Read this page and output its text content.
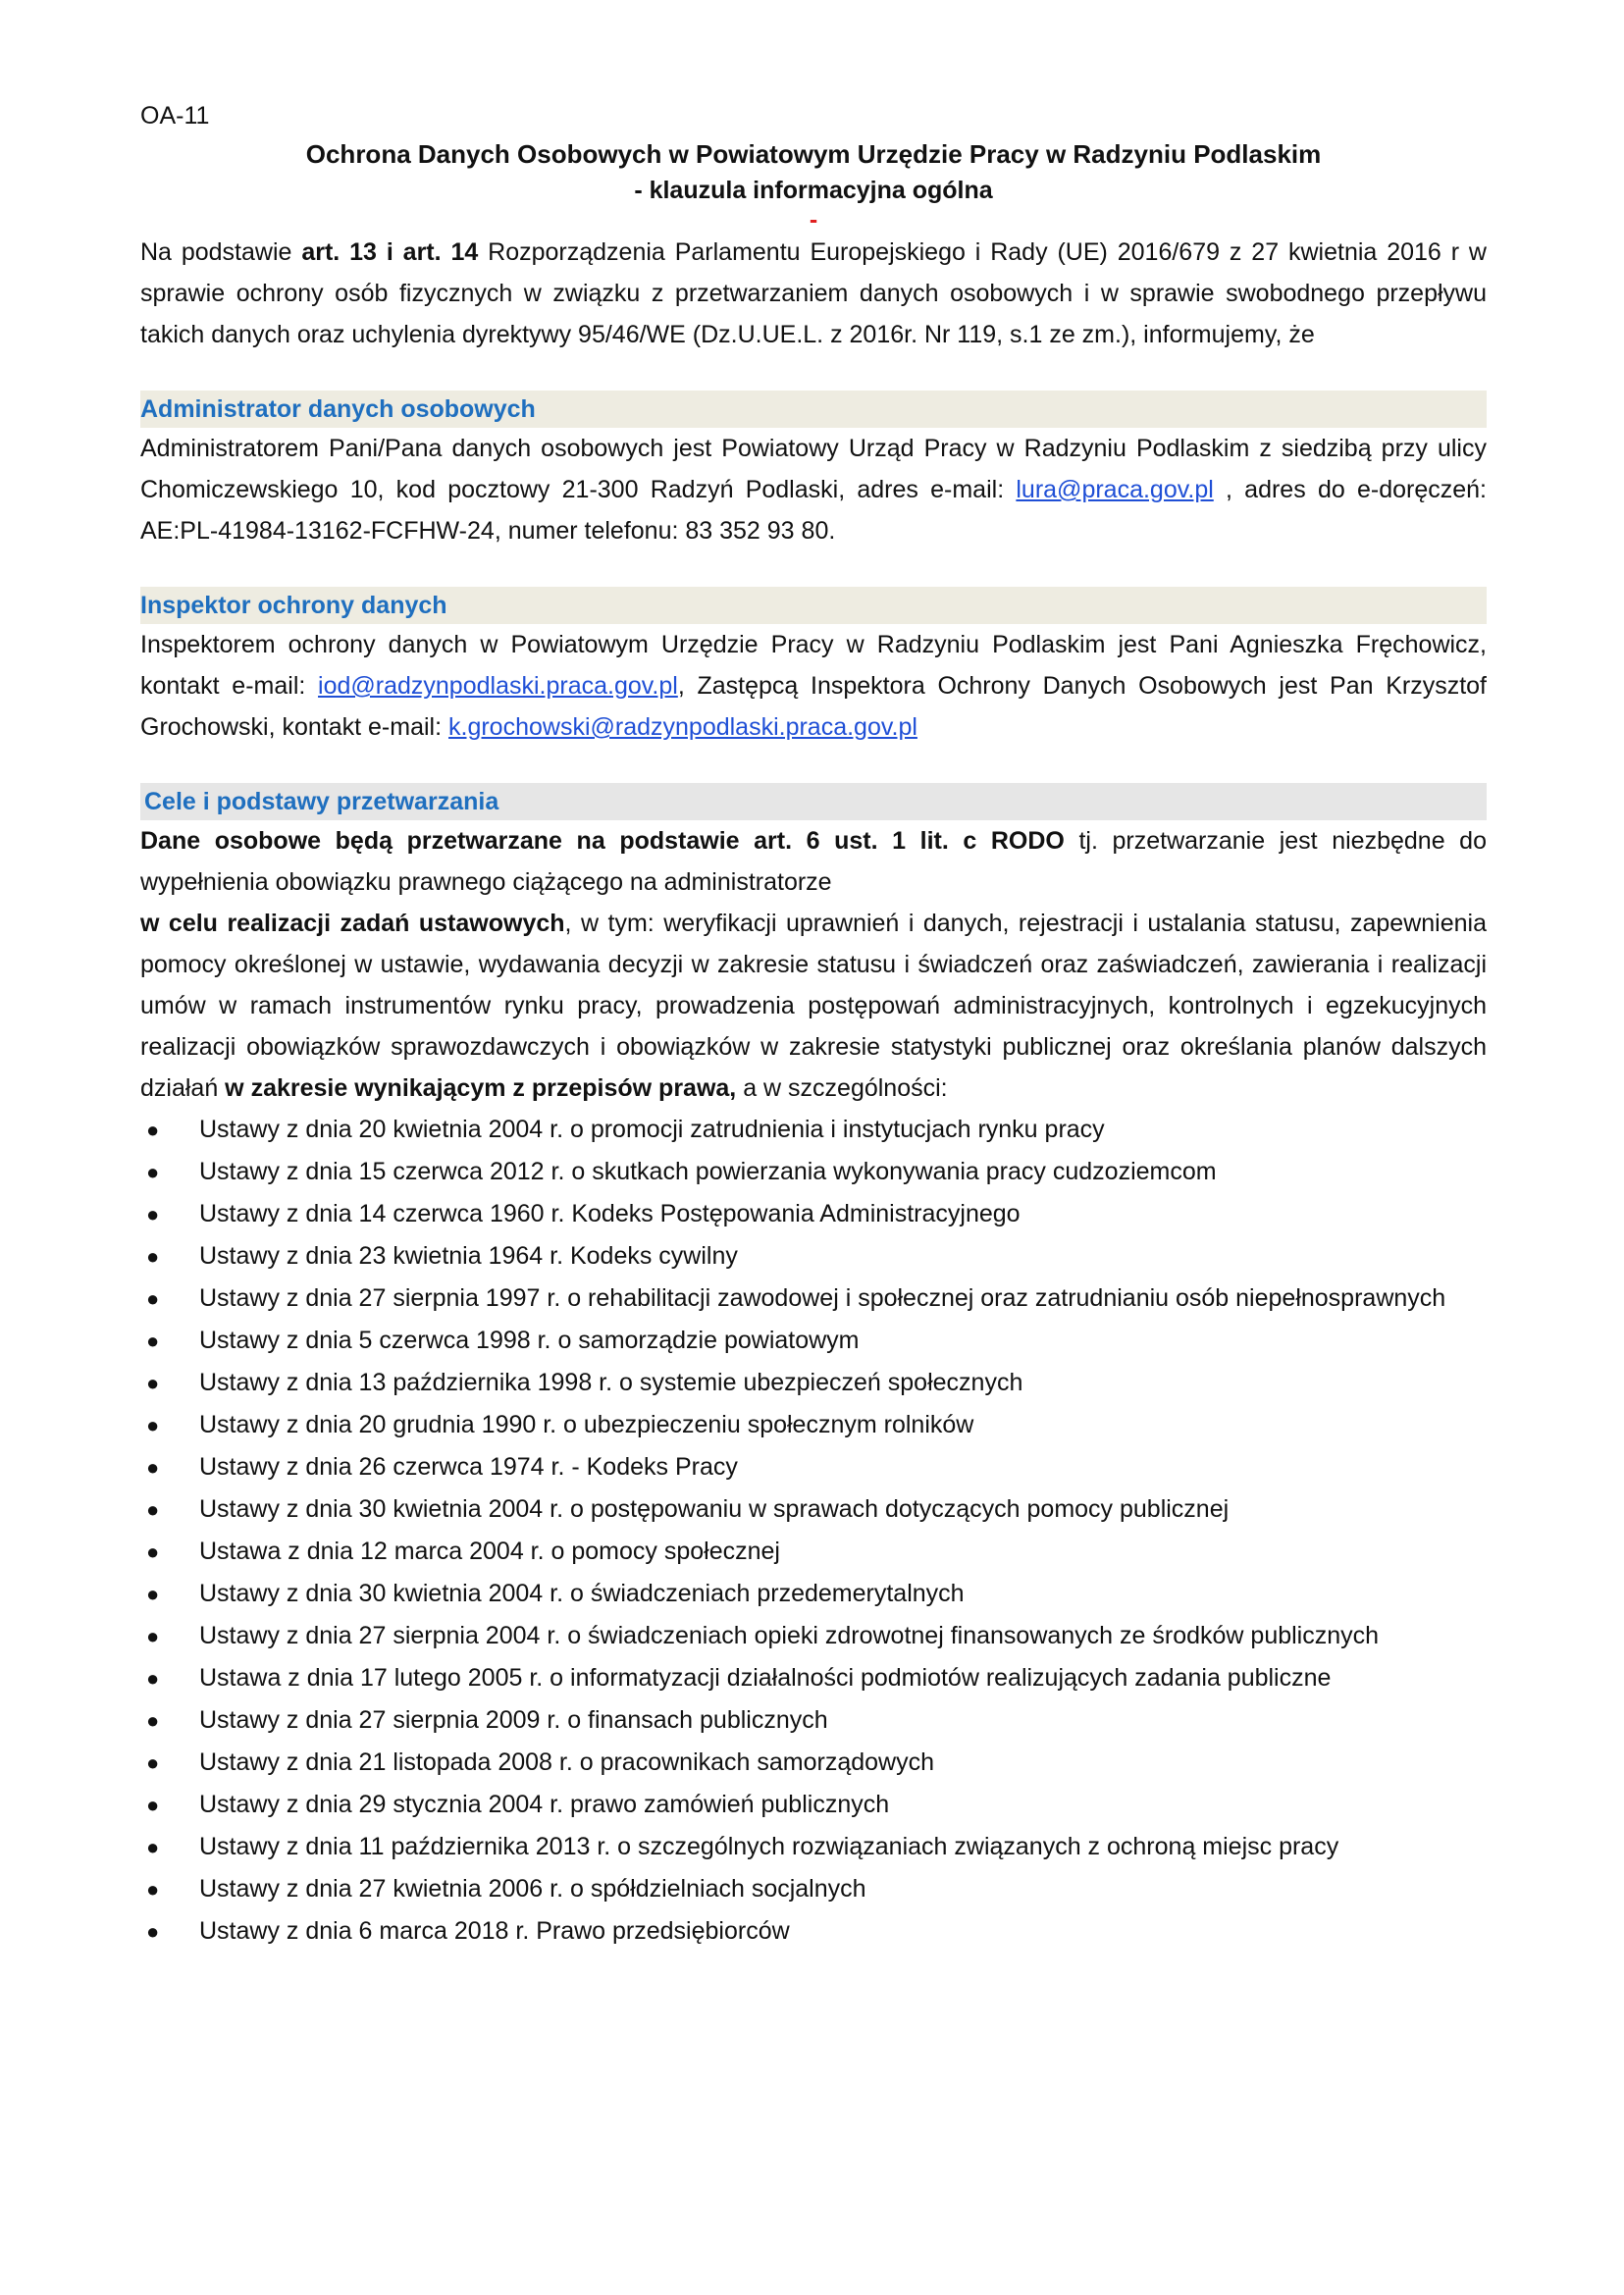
OA-11
Ochrona Danych Osobowych w Powiatowym Urzędzie Pracy w Radzyniu Podlaskim
- klauzula informacyjna ogólna
-

Na podstawie art. 13 i art. 14 Rozporządzenia Parlamentu Europejskiego i Rady (UE) 2016/679 z 27 kwietnia 2016 r w sprawie ochrony osób fizycznych w związku z przetwarzaniem danych osobowych i w sprawie swobodnego przepływu takich danych oraz uchylenia dyrektywy 95/46/WE (Dz.U.UE.L. z 2016r. Nr 119, s.1 ze zm.), informujemy, że

Administrator danych osobowych

Administratorem Pani/Pana danych osobowych jest Powiatowy Urząd Pracy w Radzyniu Podlaskim z siedzibą przy ulicy Chomiczewskiego 10, kod pocztowy 21-300 Radzyń Podlaski, adres e-mail: lura@praca.gov.pl , adres do e-doręczeń: AE:PL-41984-13162-FCFHW-24, numer telefonu: 83 352 93 80.

Inspektor ochrony danych

Inspektorem ochrony danych w Powiatowym Urzędzie Pracy w Radzyniu Podlaskim jest Pani Agnieszka Fręchowicz, kontakt e-mail: iod@radzynpodlaski.praca.gov.pl, Zastępcą Inspektora Ochrony Danych Osobowych jest Pan Krzysztof Grochowski, kontakt e-mail: k.grochowski@radzynpodlaski.praca.gov.pl

Cele i podstawy przetwarzania

Dane osobowe będą przetwarzane na podstawie art. 6 ust. 1 lit. c RODO tj. przetwarzanie jest niezbędne do wypełnienia obowiązku prawnego ciążącego na administratorze

w celu realizacji zadań ustawowych, w tym: weryfikacji uprawnień i danych, rejestracji i ustalania statusu, zapewnienia pomocy określonej w ustawie, wydawania decyzji w zakresie statusu i świadczeń oraz zaświadczeń, zawierania i realizacji umów w ramach instrumentów rynku pracy, prowadzenia postępowań administracyjnych, kontrolnych i egzekucyjnych realizacji obowiązków sprawozdawczych i obowiązków w zakresie statystyki publicznej oraz określania planów dalszych działań w zakresie wynikającym z przepisów prawa, a w szczególności:

● Ustawy z dnia 20 kwietnia 2004 r. o promocji zatrudnienia i instytucjach rynku pracy
● Ustawy z dnia 15 czerwca 2012 r. o skutkach powierzania wykonywania pracy cudzoziemcom
● Ustawy z dnia 14 czerwca 1960 r. Kodeks Postępowania Administracyjnego
● Ustawy z dnia 23 kwietnia 1964 r. Kodeks cywilny
● Ustawy z dnia 27 sierpnia 1997 r. o rehabilitacji zawodowej i społecznej oraz zatrudnianiu osób niepełnosprawnych
● Ustawy z dnia 5 czerwca 1998 r. o samorządzie powiatowym
● Ustawy z dnia 13 października 1998 r. o systemie ubezpieczeń społecznych
● Ustawy z dnia 20 grudnia 1990 r. o ubezpieczeniu społecznym rolników
● Ustawy z dnia 26 czerwca 1974 r. - Kodeks Pracy
● Ustawy z dnia 30 kwietnia 2004 r. o postępowaniu w sprawach dotyczących pomocy publicznej
● Ustawa z dnia 12 marca 2004 r. o pomocy społecznej
● Ustawy z dnia 30 kwietnia 2004 r. o świadczeniach przedemerytalnych
● Ustawy z dnia 27 sierpnia 2004 r. o świadczeniach opieki zdrowotnej finansowanych ze środków publicznych
● Ustawa z dnia 17 lutego 2005 r. o informatyzacji działalności podmiotów realizujących zadania publiczne
● Ustawy z dnia 27 sierpnia 2009 r. o finansach publicznych
● Ustawy z dnia 21 listopada 2008 r. o pracownikach samorządowych
● Ustawy z dnia 29 stycznia 2004 r. prawo zamówień publicznych
● Ustawy z dnia 11 października 2013 r. o szczególnych rozwiązaniach związanych z ochroną miejsc pracy
● Ustawy z dnia 27 kwietnia 2006 r. o spółdzielniach socjalnych
● Ustawy z dnia 6 marca 2018 r. Prawo przedsiębiorców
